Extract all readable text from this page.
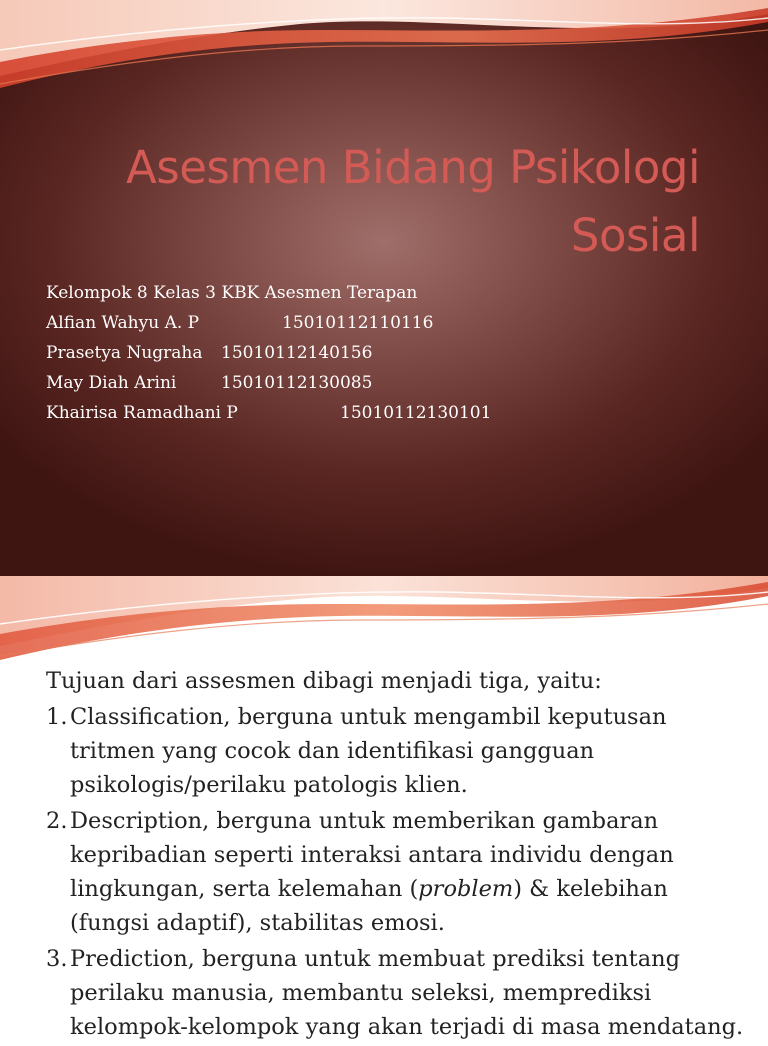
Asesmen Bidang Psikologi
Sosial
Kelompok 8 Kelas 3 KBK Asesmen Terapan
Alfian Wahyu A. P	15010112110116
Prasetya Nugraha 15010112140156
May Diah Arini	15010112130085
Khairisa Ramadhani P	15010112130101

Tujuan dari assesmen dibagi menjadi tiga, yaitu:

1. Classification, berguna untuk mengambil keputusan tritmen yang cocok dan identifikasi gangguan psikologis/perilaku patologis klien.
2. Description, berguna untuk memberikan gambaran kepribadian seperti interaksi antara individu dengan lingkungan, serta kelemahan (problem) & kelebihan (fungsi adaptif), stabilitas emosi.
3. Prediction, berguna untuk membuat prediksi tentang perilaku manusia, membantu seleksi, memprediksi kelompok-kelompok yang akan terjadi di masa mendatang.
